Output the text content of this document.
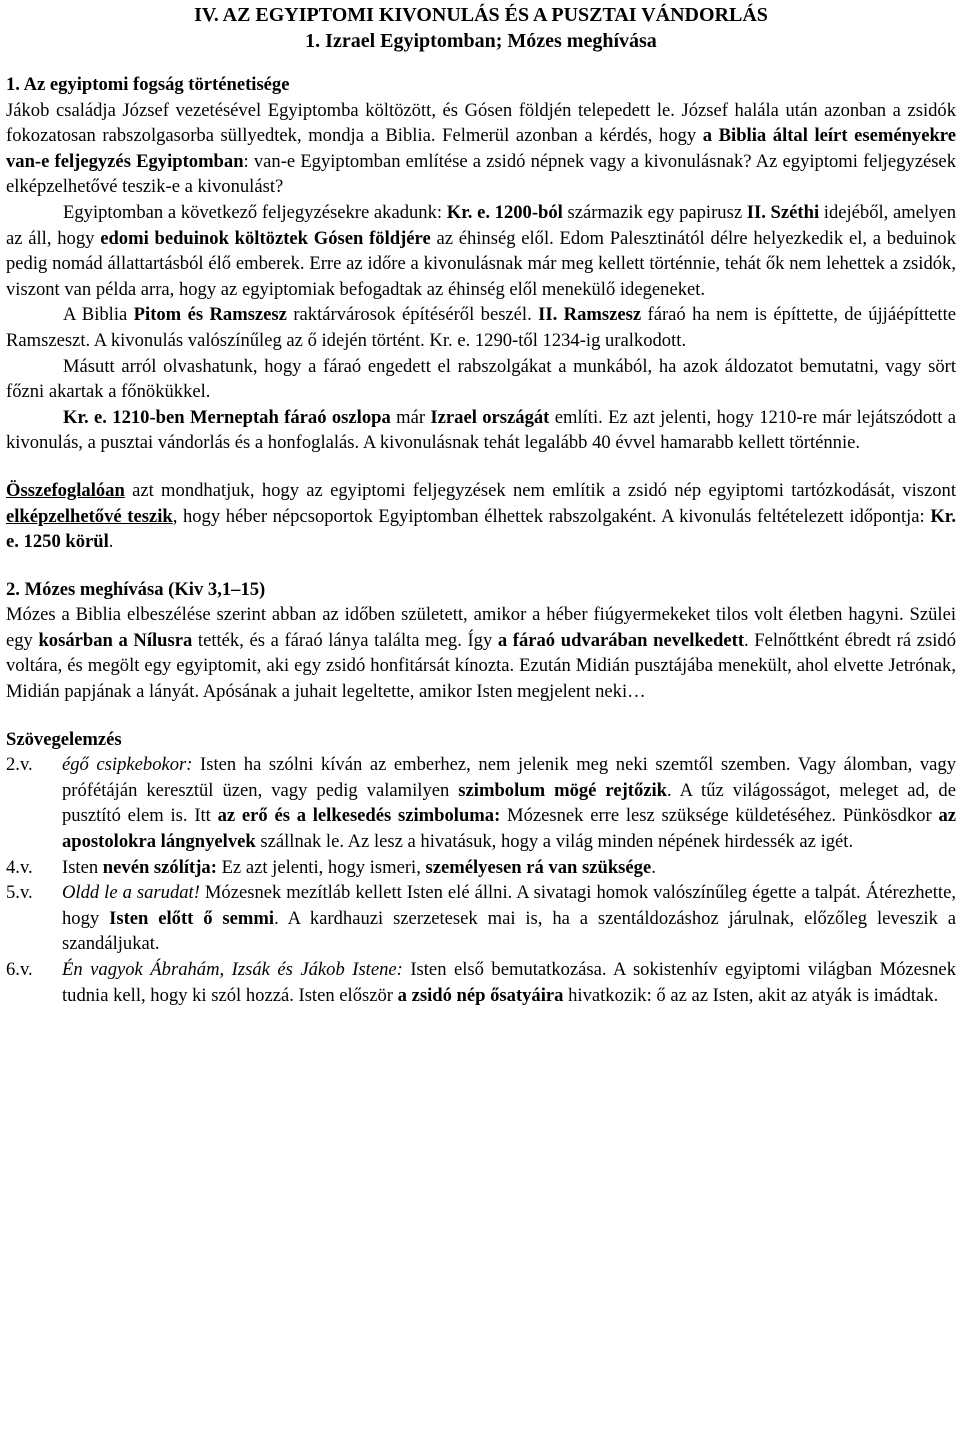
IV. AZ EGYIPTOMI KIVONULÁS ÉS A PUSZTAI VÁNDORLÁS
1. Izrael Egyiptomban; Mózes meghívása
1. Az egyiptomi fogság történetisége

Jákob családja József vezetésével Egyiptomba költözött, és Gósen földjén telepedett le. József halála után azonban a zsidók fokozatosan rabszolgasorba süllyedtek, mondja a Biblia. Felmerül azonban a kérdés, hogy a Biblia által leírt eseményekre van-e feljegyzés Egyiptomban: van-e Egyiptomban említése a zsidó népnek vagy a kivonulásnak? Az egyiptomi feljegyzések elképzelhetővé teszik-e a kivonulást?

Egyiptomban a következő feljegyzésekre akadunk: Kr. e. 1200-ból származik egy papirusz II. Széthi idejéből, amelyen az áll, hogy edomi beduinok költöztek Gósen földjére az éhinség elől. Edom Palesztinától délre helyezkedik el, a beduinok pedig nomád állattartásból élő emberek. Erre az időre a kivonulásnak már meg kellett történnie, tehát ők nem lehettek a zsidók, viszont van példa arra, hogy az egyiptomiak befogadtak az éhinség elől menekülő idegeneket.

A Biblia Pitom és Ramszesz raktárvárosok építéséről beszél. II. Ramszesz fáraó ha nem is építtette, de újjáépíttette Ramszeszt. A kivonulás valószínűleg az ő idején történt. Kr. e. 1290-től 1234-ig uralkodott.

Másutt arról olvashatunk, hogy a fáraó engedett el rabszolgákat a munkából, ha azok áldozatot bemutatni, vagy sört főzni akartak a főnökükkel.

Kr. e. 1210-ben Merneptah fáraó oszlopa már Izrael országát említi. Ez azt jelenti, hogy 1210-re már lejátszódott a kivonulás, a pusztai vándorlás és a honfoglalás. A kivonulásnak tehát legalább 40 évvel hamarabb kellett történnie.

Összefoglalóan azt mondhatjuk, hogy az egyiptomi feljegyzések nem említik a zsidó nép egyiptomi tartózkodását, viszont elképzelhetővé teszik, hogy héber népcsoportok Egyiptomban élhettek rabszolgaként. A kivonulás feltételezett időpontja: Kr. e. 1250 körül.

2. Mózes meghívása (Kiv 3,1–15)

Mózes a Biblia elbeszélése szerint abban az időben született, amikor a héber fiúgyermekeket tilos volt életben hagyni. Szülei egy kosárban a Nílusra tették, és a fáraó lánya találta meg. Így a fáraó udvarában nevelkedett. Felnőttként ébredt rá zsidó voltára, és megölt egy egyiptomit, aki egy zsidó honfitársát kínozta. Ezután Midián pusztájába menekült, ahol elvette Jetrónak, Midián papjának a lányát. Apósának a juhait legeltette, amikor Isten megjelent neki…

Szövegelemzés
2.v.	égő csipkebokor: Isten ha szólni kíván az emberhez, nem jelenik meg neki szemtől szemben. Vagy álomban, vagy prófétáján keresztül üzen, vagy pedig valamilyen szimbolum mögé rejtőzik. A tűz világosságot, meleget ad, de pusztító elem is. Itt az erő és a lelkesedés szimboluma: Mózesnek erre lesz szüksége küldetéséhez. Pünkösdkor az apostolokra lángnyelvek szállnak le. Az lesz a hivatásuk, hogy a világ minden népének hirdessék az igét.
4.v.	Isten nevén szólítja: Ez azt jelenti, hogy ismeri, személyesen rá van szüksége.
5.v.	Oldd le a sarudat! Mózesnek mezítláb kellett Isten elé állni. A sivatagi homok valószínűleg égette a talpát. Átérezhette, hogy Isten előtt ő semmi. A kardhauzi szerzetesek mai is, ha a szentáldozáshoz járulnak, előzőleg leveszik a szandáljukat.
6.v.	Én vagyok Ábrahám, Izsák és Jákob Istene: Isten első bemutatkozása. A sokistenhív egyiptomi világban Mózesnek tudnia kell, hogy ki szól hozzá. Isten először a zsidó nép ősatyáira hivatkozik: ő az az Isten, akit az atyák is imádtak.
